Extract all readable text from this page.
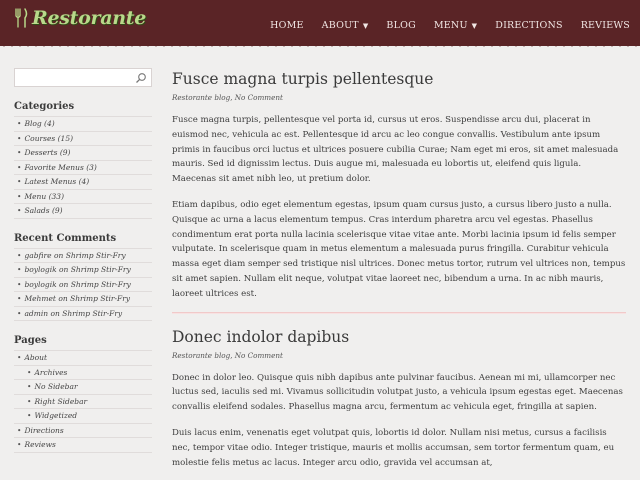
Restorante	HOME ABOUT ▼ BLOG MENU ▼ DIRECTIONS REVIEWS
Categories
• Blog (4)
• Courses (15)
• Desserts (9)
• Favorite Menus (3)
• Latest Menus (4)
• Menu (33)
• Salads (9)
Recent Comments
• gabfire on Shrimp Stir-Fry
• boylogik on Shrimp Stir-Fry
• boylogik on Shrimp Stir-Fry
• Mehmet on Shrimp Stir-Fry
• admin on Shrimp Stir-Fry
Pages
• About
• Archives
• No Sidebar
• Right Sidebar
• Widgetized
• Directions
• Reviews
Fusce magna turpis pellentesque
Restorante blog, No Comment

Fusce magna turpis, pellentesque vel porta id, cursus ut eros. Suspendisse arcu dui, placerat in euismod nec, vehicula ac est. Pellentesque id arcu ac leo congue convallis. Vestibulum ante ipsum primis in faucibus orci luctus et ultrices posuere cubilia Curae; Nam eget mi eros, sit amet malesuada mauris. Sed id dignissim lectus. Duis augue mi, malesuada eu lobortis ut, eleifend quis ligula. Maecenas sit amet nibh leo, ut pretium dolor.

Etiam dapibus, odio eget elementum egestas, ipsum quam cursus justo, a cursus libero justo a nulla. Quisque ac urna a lacus elementum tempus. Cras interdum pharetra arcu vel egestas. Phasellus condimentum erat porta nulla lacinia scelerisque vitae vitae ante. Morbi lacinia ipsum id felis semper vulputate. In scelerisque quam in metus elementum a malesuada purus fringilla. Curabitur vehicula massa eget diam semper sed tristique nisl ultrices. Donec metus tortor, rutrum vel ultrices non, tempus sit amet sapien. Nullam elit neque, volutpat vitae laoreet nec, bibendum a urna. In ac nibh mauris, laoreet ultrices est.

Donec indolor dapibus
Restorante blog, No Comment

Donec in dolor leo. Quisque quis nibh dapibus ante pulvinar faucibus. Aenean mi mi, ullamcorper nec luctus sed, iaculis sed mi. Vivamus sollicitudin volutpat justo, a vehicula ipsum egestas eget. Maecenas convallis eleifend sodales. Phasellus magna arcu, fermentum ac vehicula eget, fringilla at sapien.

Duis lacus enim, venenatis eget volutpat quis, lobortis id dolor. Nullam nisi metus, cursus a facilisis nec, tempor vitae odio. Integer tristique, mauris et mollis accumsan, sem tortor fermentum quam, eu molestie felis metus ac lacus. Integer arcu odio, gravida vel accumsan at,
